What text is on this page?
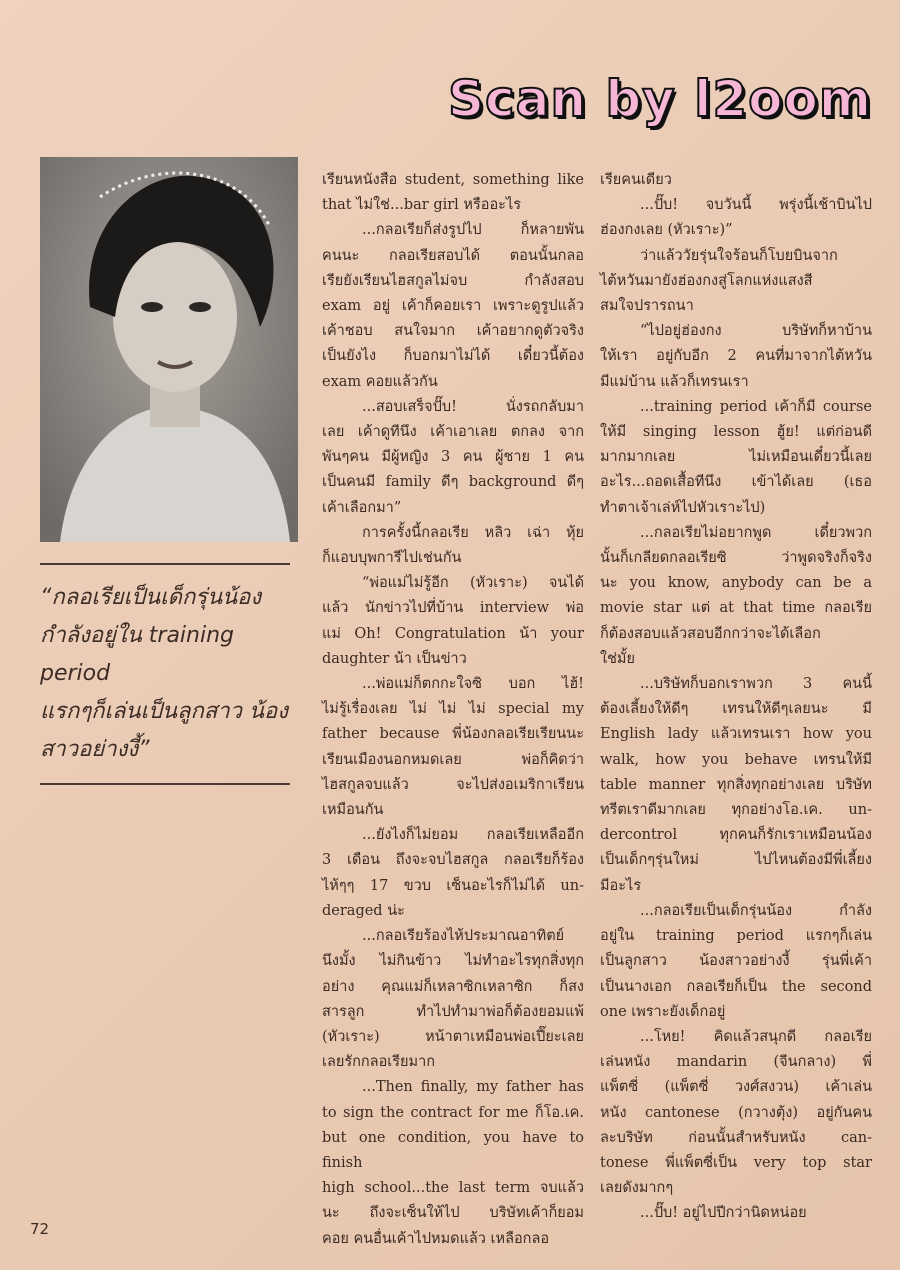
Scan by l2oom
“กลอเรียเป็นเด็กรุ่นน้อง
กำลังอยู่ใน training period
แรกๆก็เล่นเป็นลูกสาว น้อง
สาวอย่างงี้”
เรียนหนังสือ student, something like
that ไม่ใช่...bar girl หรืออะไร
...กลอเรียก็ส่งรูปไป ก็หลายพัน
คนนะ กลอเรียสอบได้ ตอนนั้นกลอ
เรียยังเรียนไฮสกูลไม่จบ กำลังสอบ
exam อยู่ เค้าก็คอยเรา เพราะดูรูปแล้ว
เค้าชอบ สนใจมาก เค้าอยากดูตัวจริง
เป็นยังไง ก็บอกมาไม่ได้ เดี๋ยวนี้ต้อง
exam คอยแล้วกัน
...สอบเสร็จปั๊บ! นั่งรถกลับมา
เลย เค้าดูทีนึง เค้าเอาเลย ตกลง จาก
พันๆคน มีผู้หญิง 3 คน ผู้ชาย 1 คน
เป็นคนมี family ดีๆ background ดีๆ
เค้าเลือกมา”
การครั้งนี้กลอเรีย หลิว เฉ่า หุ้ย
ก็แอบบุพการีไปเช่นกัน
“พ่อแม่ไม่รู้อีก (หัวเราะ) จนได้
แล้ว นักข่าวไปที่บ้าน interview พ่อ
แม่ Oh! Congratulation น้า your
daughter น้า เป็นข่าว
...พ่อแม่ก็ตกกะใจซิ บอก ไฮ้!
ไม่รู้เรื่องเลย ไม่ ไม่ ไม่ special my
father because พี่น้องกลอเรียเรียนนะ
เรียนเมืองนอกหมดเลย พ่อก็คิดว่า
ไฮสกูลจบแล้ว จะไปส่งอเมริกาเรียน
เหมือนกัน
...ยังไงก็ไม่ยอม กลอเรียเหลืออีก
3 เดือน ถึงจะจบไฮสกูล กลอเรียก็ร้อง
ไห้ๆๆ 17 ขวบ เซ็นอะไรก็ไม่ได้ un-
deraged น่ะ
...กลอเรียร้องไห้ประมาณอาทิตย์
นึงมั้ง ไม่กินข้าว ไม่ทำอะไรทุกสิ่งทุก
อย่าง คุณแม่ก็เหลาซิกเหลาซิก ก็สง
สารลูก ทำไปทำมาพ่อก็ต้องยอมแพ้
(หัวเราะ) หน้าตาเหมือนพ่อเปี๊ยะเลย
เลยรักกลอเรียมาก
...Then finally, my father has
to sign the contract for me ก็โอ.เค.
but one condition, you have to finish
high school...the last term จบแล้ว
นะ ถึงจะเซ็นให้ไป บริษัทเค้าก็ยอม
คอย คนอื่นเค้าไปหมดแล้ว เหลือกลอ
เรียคนเดียว
...ปั๊บ! จบวันนี้ พรุ่งนี้เช้าบินไป
ฮ่องกงเลย (หัวเราะ)”
ว่าแล้ววัยรุ่นใจร้อนก็โบยบินจาก
ไต้หวันมายังฮ่องกงสู่โลกแห่งแสงสี
สมใจปรารถนา
“ไปอยู่ฮ่องกง บริษัทก็หาบ้าน
ให้เรา อยู่กับอีก 2 คนที่มาจากไต้หวัน
มีแม่บ้าน แล้วก็เทรนเรา
...training period เค้าก็มี course
ให้มี singing lesson ฮู้ย! แต่ก่อนดี
มากมากเลย ไม่เหมือนเดี๋ยวนี้เลย
อะไร...ถอดเสื้อทีนึง เข้าได้เลย (เธอ
ทำตาเจ้าเล่ห์ไปหัวเราะไป)
...กลอเรียไม่อยากพูด เดี๋ยวพวก
นั้นก็เกลียดกลอเรียซิ ว่าพูดจริงก็จริง
นะ you know, anybody can be a
movie star แต่ at that time กลอเรีย
ก็ต้องสอบแล้วสอบอีกกว่าจะได้เลือก
ใช่มั้ย
...บริษัทก็บอกเราพวก 3 คนนี้
ต้องเลี้ยงให้ดีๆ เทรนให้ดีๆเลยนะ มี
English lady แล้วเทรนเรา how you
walk, how you behave เทรนให้มี
table manner ทุกสิ่งทุกอย่างเลย บริษัท
ทรีตเราดีมากเลย ทุกอย่างโอ.เค. un-
dercontrol ทุกคนก็รักเราเหมือนน้อง
เป็นเด็กๆรุ่นใหม่ ไปไหนต้องมีพี่เลี้ยง
มีอะไร
...กลอเรียเป็นเด็กรุ่นน้อง กำลัง
อยู่ใน training period แรกๆก็เล่น
เป็นลูกสาว น้องสาวอย่างงี้ รุ่นพี่เค้า
เป็นนางเอก กลอเรียก็เป็น the second
one เพราะยังเด็กอยู่
...โหย! คิดแล้วสนุกดี กลอเรีย
เล่นหนัง mandarin (จีนกลาง) พี่
แพ็ตซี่ (แพ็ตซี่ วงศ์สงวน) เค้าเล่น
หนัง cantonese (กวางตุ้ง) อยู่กันคน
ละบริษัท ก่อนนั้นสำหรับหนัง can-
tonese พี่แพ็ตซี่เป็น very top star
เลยดังมากๆ
...ปั๊บ! อยู่ไปปีกว่านิดหน่อย
72
